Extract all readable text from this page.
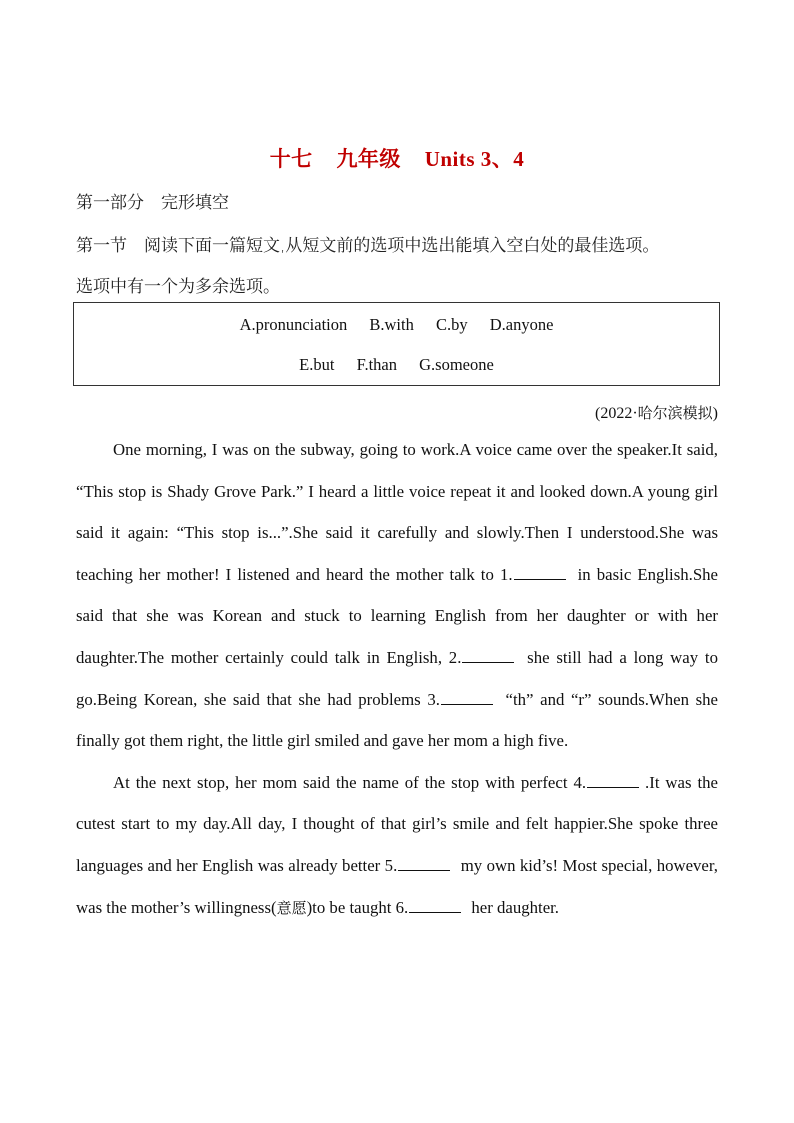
十七 九年级 Units 3、4
第一部分　完形填空
第一节　阅读下面一篇短文,从短文前的选项中选出能填入空白处的最佳选项。
选项中有一个为多余选项。
A.pronunciation B.with C.by D.anyone
E.but F.than G.someone
(2022·哈尔滨模拟)

One morning, I was on the subway, going to work.A voice came over the speaker.It said, “This stop is Shady Grove Park.” I heard a little voice repeat it and looked down.A young girl said it again: “This stop is...”.She said it carefully and slowly.Then I understood.She was teaching her mother! I listened and heard the mother talk to 1.	in basic English.She said that she was Korean and stuck to learning English from her daughter or with her daughter.The mother certainly could talk in English, 2.	she still had a long way to go.Being Korean, she said that she had problems 3.	“th” and “r” sounds.When she finally got them right, the little girl smiled and gave her mom a high five.

At the next stop, her mom said the name of the stop with perfect 4.	.It was the cutest start to my day.All day, I thought of that girl’s smile and felt happier.She spoke three languages and her English was already better 5.	my own kid’s! Most special, however, was the mother’s willingness(意愿)to be taught 6.	her daughter.
